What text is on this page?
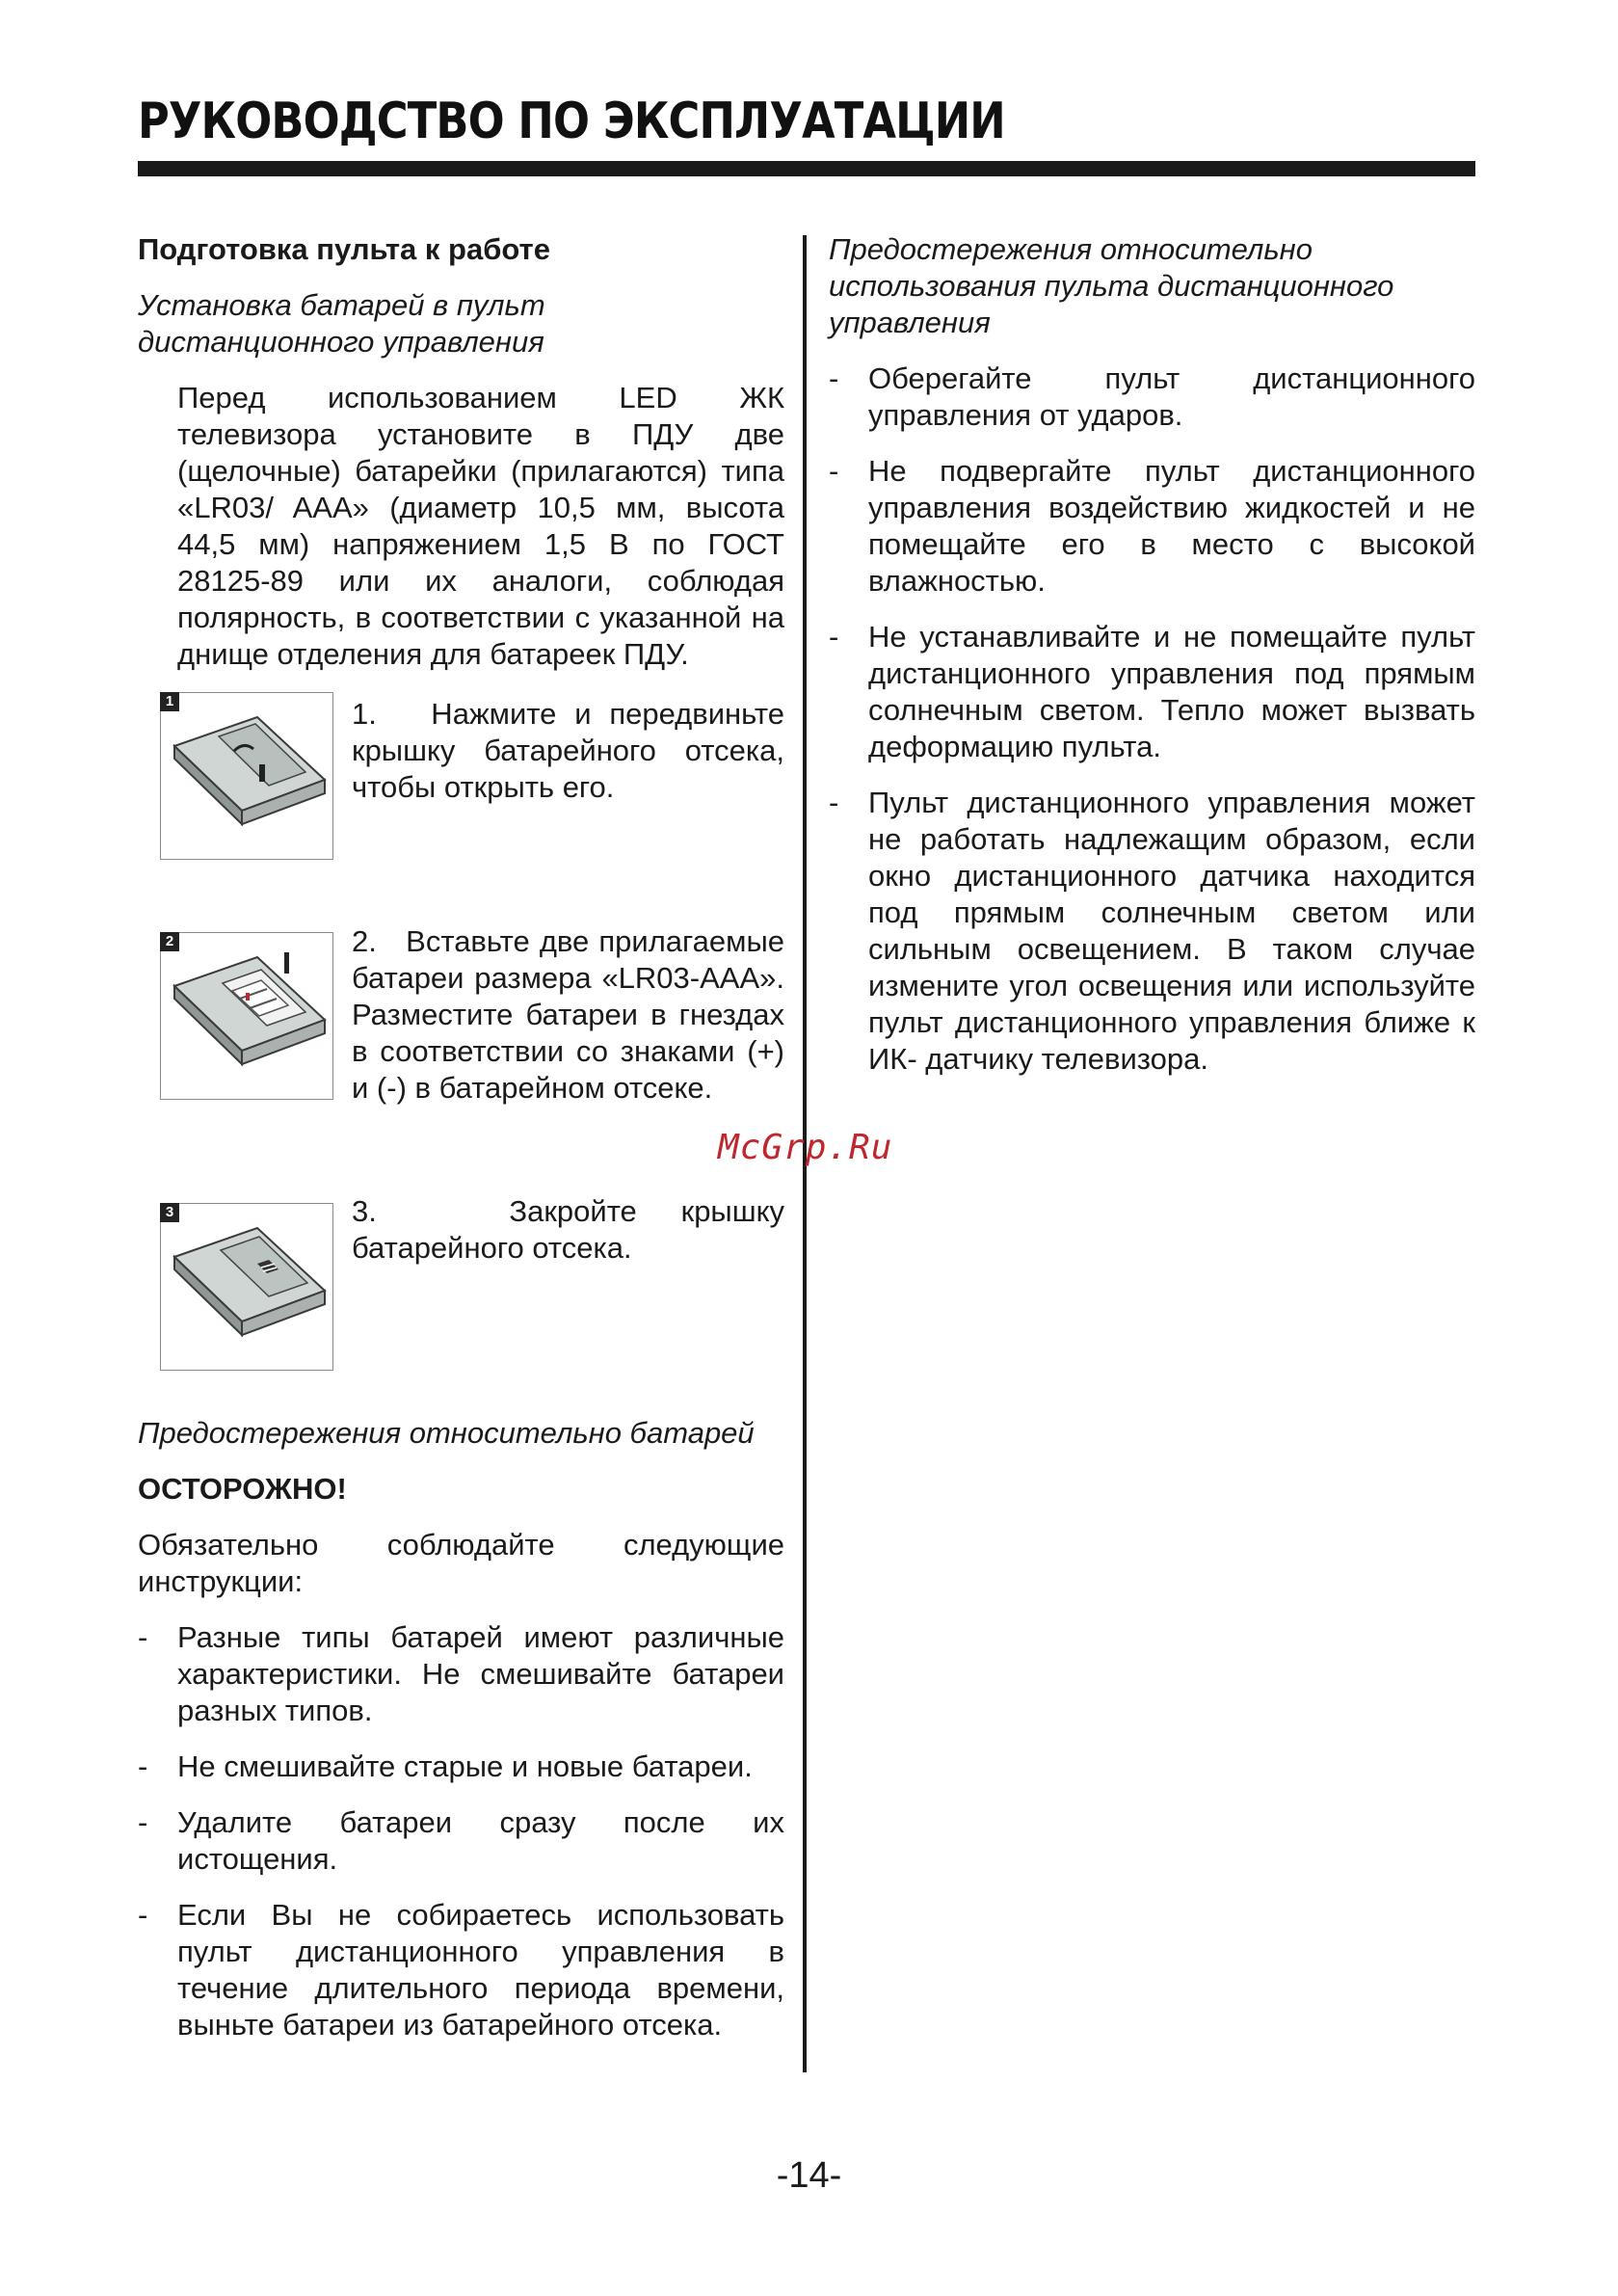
РУКОВОДСТВО ПО ЭКСПЛУАТАЦИИ

Подготовка пульта к работе

Установка батарей в пульт дистанционного управления

Перед использованием LED ЖК телевизора установите в ПДУ две (щелочные) батарейки (прилагаются) типа «LR03/ AAA» (диаметр 10,5 мм, высота 44,5 мм) напряжением 1,5 В по ГОСТ 28125-89 или их аналоги, соблюдая полярность, в соответствии с указанной на днище отделения для батареек ПДУ.

1	1.   Нажмите и передвиньте крышку батарейного отсека, чтобы открыть его.
2	2.   Вставьте две прилагаемые батареи размера «LR03-AAA». Разместите батареи в гнездах в соответствии со знаками (+) и (-) в батарейном отсеке.
3	3.   Закройте крышку батарейного отсека.

Предостережения относительно батарей

ОСТОРОЖНО!

Обязательно соблюдайте следующие инструкции:

- Разные типы батарей имеют различные характеристики. Не смешивайте батареи разных типов.
- Не смешивайте старые и новые батареи.
- Удалите батареи сразу после их истощения.
- Если Вы не собираетесь использовать пульт дистанционного управления в течение длительного периода времени, выньте батареи из батарейного отсека.

Предостережения относительно использования пульта дистанционного управления

- Оберегайте пульт дистанционного управления от ударов.
- Не подвергайте пульт дистанционного управления воздействию жидкостей и не помещайте его в место с высокой влажностью.
- Не устанавливайте и не помещайте пульт дистанционного управления под прямым солнечным светом. Тепло может вызвать деформацию пульта.
- Пульт дистанционного управления может не работать надлежащим образом, если окно дистанционного датчика находится под прямым солнечным светом или сильным освещением. В таком случае измените угол освещения или используйте пульт дистанционного управления ближе к ИК- датчику телевизора.
McGrp.Ru
-14-
